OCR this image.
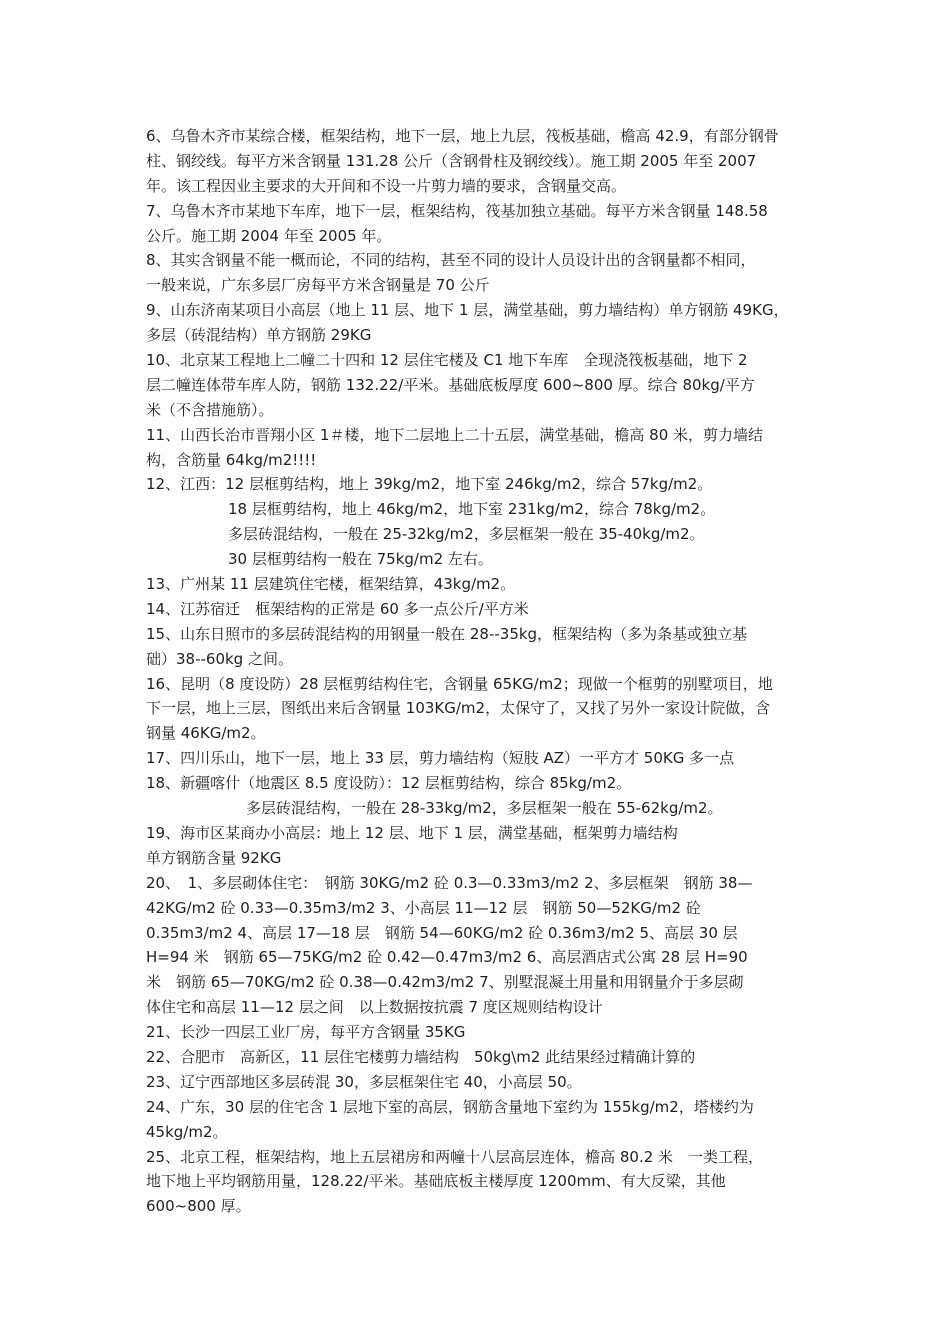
6、乌鲁木齐市某综合楼，框架结构，地下一层，地上九层，筏板基础，檐高 42.9，有部分钢骨
柱、钢绞线。每平方米含钢量 131.28 公斤（含钢骨柱及钢绞线）。施工期 2005 年至 2007
年。该工程因业主要求的大开间和不设一片剪力墙的要求，含钢量交高。
7、乌鲁木齐市某地下车库，地下一层，框架结构，筏基加独立基础。每平方米含钢量 148.58
公斤。施工期 2004 年至 2005 年。
8、其实含钢量不能一概而论，不同的结构，甚至不同的设计人员设计出的含钢量都不相同，
一般来说，广东多层厂房每平方米含钢量是 70 公斤
9、山东济南某项目小高层（地上 11 层、地下 1 层，满堂基础，剪力墙结构）单方钢筋 49KG，
多层（砖混结构）单方钢筋 29KG
10、北京某工程地上二幢二十四和 12 层住宅楼及 C1 地下车库　全现浇筏板基础，地下 2
层二幢连体带车库人防，钢筋 132.22/平米。基础底板厚度 600~800 厚。综合 80kg/平方
米（不含措施筋）。
11、山西长治市晋翔小区 1＃楼，地下二层地上二十五层，满堂基础，檐高 80 米，剪力墙结
构，含筋量 64kg/m2!!!!
12、江西：12 层框剪结构，地上 39kg/m2，地下室 246kg/m2，综合 57kg/m2。
18 层框剪结构，地上 46kg/m2，地下室 231kg/m2，综合 78kg/m2。
多层砖混结构，一般在 25-32kg/m2，多层框架一般在 35-40kg/m2。
30 层框剪结构一般在 75kg/m2 左右。
13、广州某 11 层建筑住宅楼，框架结算，43kg/m2。
14、江苏宿迁　框架结构的正常是 60 多一点公斤/平方米
15、山东日照市的多层砖混结构的用钢量一般在 28--35kg，框架结构（多为条基或独立基
础）38--60kg 之间。
16、昆明（8 度设防）28 层框剪结构住宅，含钢量 65KG/m2；现做一个框剪的别墅项目，地
下一层，地上三层，图纸出来后含钢量 103KG/m2，太保守了，又找了另外一家设计院做，含
钢量 46KG/m2。
17、四川乐山，地下一层，地上 33 层，剪力墙结构（短肢 AZ）一平方才 50KG 多一点
18、新疆喀什（地震区 8.5 度设防）：12 层框剪结构，综合 85kg/m2。
多层砖混结构，一般在 28-33kg/m2，多层框架一般在 55-62kg/m2。
19、海市区某商办小高层：地上 12 层、地下 1 层，满堂基础，框架剪力墙结构
单方钢筋含量 92KG
20、　1、多层砌体住宅：　钢筋 30KG/m2 砼 0.3—0.33m3/m2 2、多层框架　钢筋 38—
42KG/m2 砼 0.33—0.35m3/m2 3、小高层 11—12 层　钢筋 50—52KG/m2 砼
0.35m3/m2 4、高层 17—18 层　钢筋 54—60KG/m2 砼 0.36m3/m2 5、高层 30 层
H=94 米　钢筋 65—75KG/m2 砼 0.42—0.47m3/m2 6、高层酒店式公寓 28 层 H=90
米　钢筋 65—70KG/m2 砼 0.38—0.42m3/m2 7、别墅混凝土用量和用钢量介于多层砌
体住宅和高层 11—12 层之间　以上数据按抗震 7 度区规则结构设计
21、长沙一四层工业厂房，每平方含钢量 35KG
22、合肥市　高新区，11 层住宅楼剪力墙结构　50kg\m2 此结果经过精确计算的
23、辽宁西部地区多层砖混 30，多层框架住宅 40，小高层 50。
24、广东，30 层的住宅含 1 层地下室的高层，钢筋含量地下室约为 155kg/m2，塔楼约为
45kg/m2。
25、北京工程，框架结构，地上五层裙房和两幢十八层高层连体，檐高 80.2 米　一类工程，
地下地上平均钢筋用量，128.22/平米。基础底板主楼厚度 1200mm、有大反梁，其他
600~800 厚。
